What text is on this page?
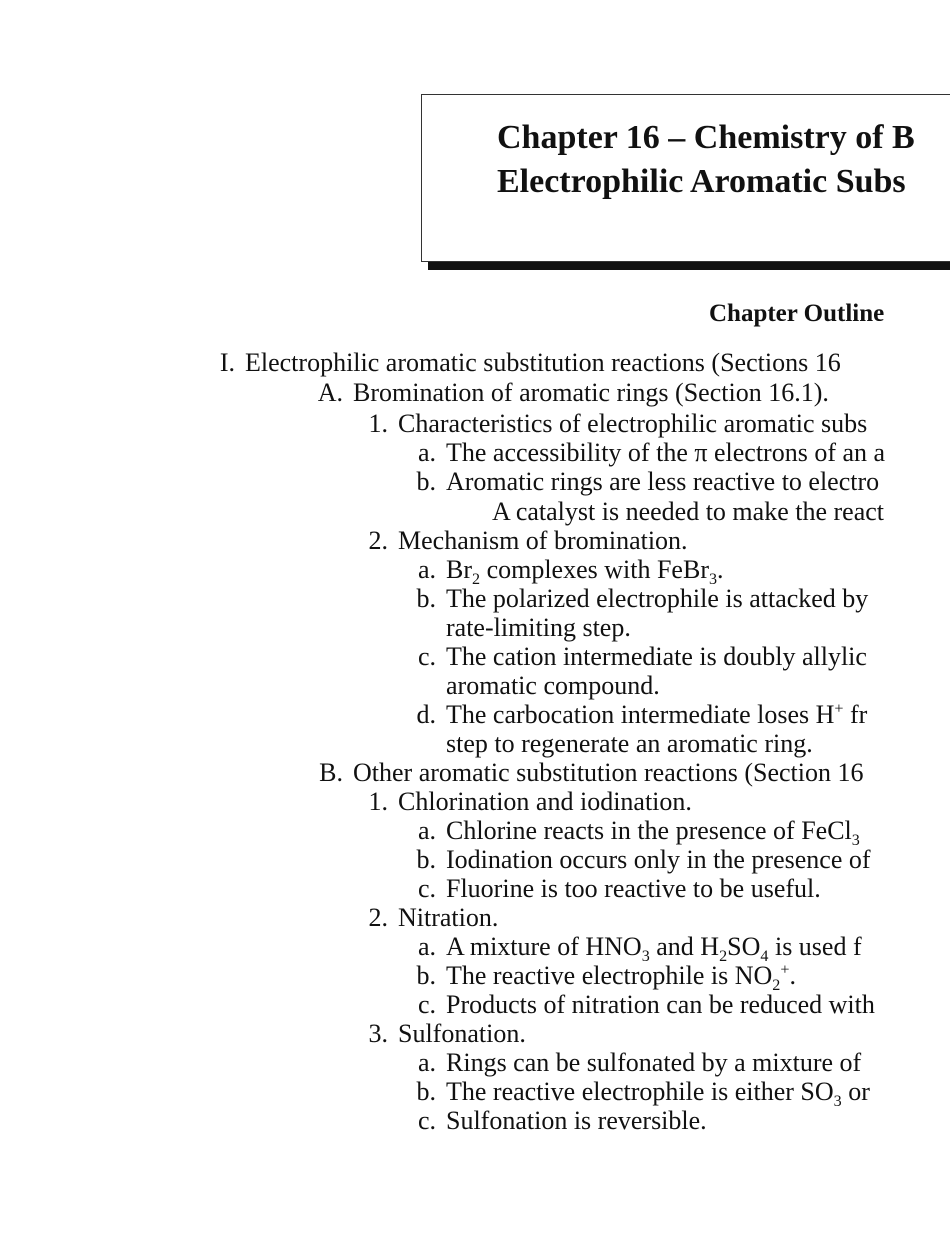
Chapter 16 – Chemistry of B
Electrophilic Aromatic Subs
Chapter Outline
I. Electrophilic aromatic substitution reactions (Sections 16
A. Bromination of aromatic rings (Section 16.1).
1. Characteristics of electrophilic aromatic subs
a. The accessibility of the π electrons of an a
b. Aromatic rings are less reactive to electro
A catalyst is needed to make the react
2. Mechanism of bromination.
a. $Br_2$ complexes with FeBr$_3$.
b. The polarized electrophile is attacked by
rate-limiting step.
c. The cation intermediate is doubly allylic
aromatic compound.
d. The carbocation intermediate loses H+ fr
step to regenerate an aromatic ring.
B. Other aromatic substitution reactions (Section 16
1. Chlorination and iodination.
a. Chlorine reacts in the presence of FeCl$_3$
b. Iodination occurs only in the presence of
c. Fluorine is too reactive to be useful.
2. Nitration.
a. A mixture of $HNO_3$ and $H_2SO_4$ is used f
b. The reactive electrophile is $NO_2^+$.
c. Products of nitration can be reduced with
3. Sulfonation.
a. Rings can be sulfonated by a mixture of
b. The reactive electrophile is either $SO_3$ or
c. Sulfonation is reversible.
